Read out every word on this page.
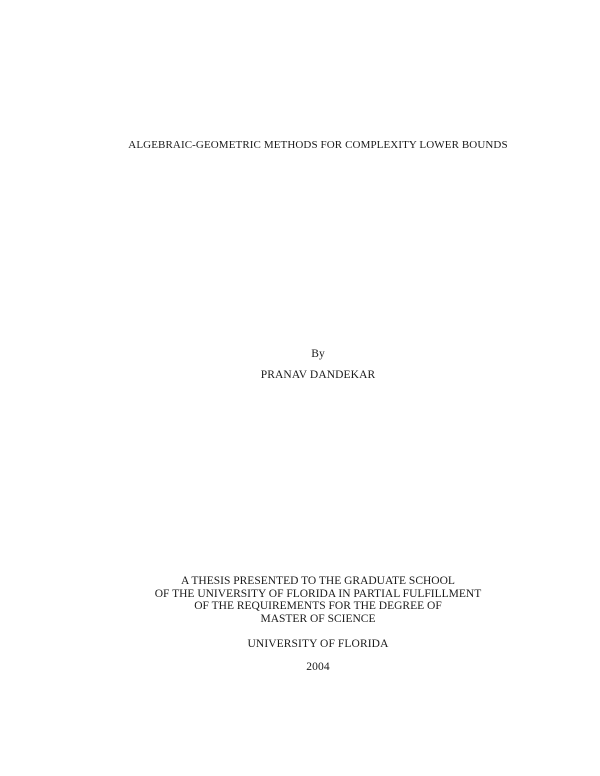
ALGEBRAIC-GEOMETRIC METHODS FOR COMPLEXITY LOWER BOUNDS
By
PRANAV DANDEKAR
A THESIS PRESENTED TO THE GRADUATE SCHOOL
OF THE UNIVERSITY OF FLORIDA IN PARTIAL FULFILLMENT
OF THE REQUIREMENTS FOR THE DEGREE OF
MASTER OF SCIENCE
UNIVERSITY OF FLORIDA
2004
